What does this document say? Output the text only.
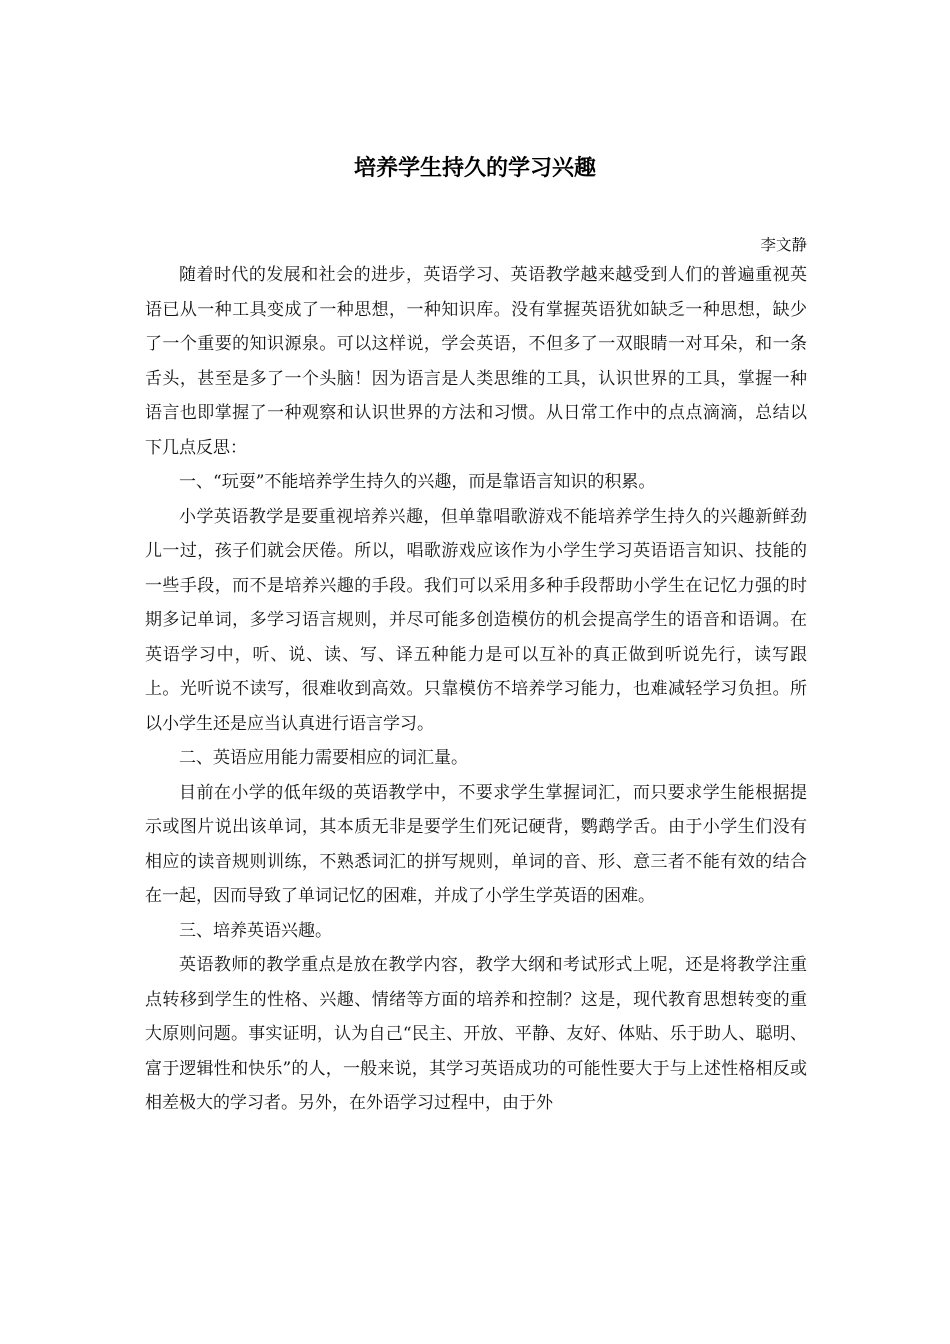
培养学生持久的学习兴趣
李文静

随着时代的发展和社会的进步，英语学习、英语教学越来越受到人们的普遍重视英语已从一种工具变成了一种思想，一种知识库。没有掌握英语犹如缺乏一种思想，缺少了一个重要的知识源泉。可以这样说，学会英语，不但多了一双眼睛一对耳朵，和一条舌头，甚至是多了一个头脑！因为语言是人类思维的工具，认识世界的工具，掌握一种语言也即掌握了一种观察和认识世界的方法和习惯。从日常工作中的点点滴滴，总结以下几点反思：

一、“玩耍”不能培养学生持久的兴趣，而是靠语言知识的积累。

小学英语教学是要重视培养兴趣，但单靠唱歌游戏不能培养学生持久的兴趣新鲜劲儿一过，孩子们就会厌倦。所以，唱歌游戏应该作为小学生学习英语语言知识、技能的一些手段，而不是培养兴趣的手段。我们可以采用多种手段帮助小学生在记忆力强的时期多记单词，多学习语言规则，并尽可能多创造模仿的机会提高学生的语音和语调。在英语学习中，听、说、读、写、译五种能力是可以互补的真正做到听说先行，读写跟上。光听说不读写，很难收到高效。只靠模仿不培养学习能力，也难减轻学习负担。所以小学生还是应当认真进行语言学习。

二、英语应用能力需要相应的词汇量。

目前在小学的低年级的英语教学中，不要求学生掌握词汇，而只要求学生能根据提示或图片说出该单词，其本质无非是要学生们死记硬背，鹦鹉学舌。由于小学生们没有相应的读音规则训练，不熟悉词汇的拼写规则，单词的音、形、意三者不能有效的结合在一起，因而导致了单词记忆的困难，并成了小学生学英语的困难。

三、培养英语兴趣。

英语教师的教学重点是放在教学内容，教学大纲和考试形式上呢，还是将教学注重点转移到学生的性格、兴趣、情绪等方面的培养和控制？这是，现代教育思想转变的重大原则问题。事实证明，认为自己“民主、开放、平静、友好、体贴、乐于助人、聪明、富于逻辑性和快乐”的人，一般来说，其学习英语成功的可能性要大于与上述性格相反或相差极大的学习者。另外，在外语学习过程中，由于外
